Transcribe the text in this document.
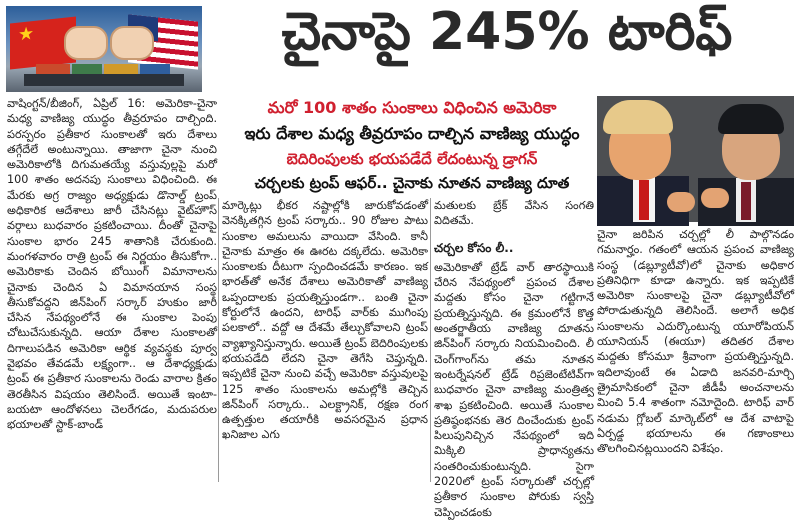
★	చైనాపై 245% టారిఫ్
మరో 100 శాతం సుంకాలు విధించిన అమెరికా
ఇరు దేశాల మధ్య తీవ్రరూపం దాల్చిన వాణిజ్య యుద్ధం
బెదిరింపులకు భయపడేదే లేదంటున్న డ్రాగన్
చర్చలకు ట్రంప్ ఆఫర్.. చైనాకు నూతన వాణిజ్య దూత
వాషింగ్టన్/బీజింగ్, ఏప్రిల్ 16: అమెరికా-చైనా మధ్య వాణిజ్య యుద్ధం తీవ్రరూపం దాల్చింది. పరస్పరం ప్రతీకార సుంకాలతో ఇరు దేశాలు తగ్గేదేలే అంటున్నాయి. తాజాగా చైనా నుంచి అమెరికాలోకి దిగుమతయ్యే వస్తువుల్లపై మరో 100 శాతం అదనపు సుంకాలు విధించింది. ఈ మేరకు అగ్ర రాజ్యం అధ్యక్షుడు డొనాల్డ్ ట్రంప్ అధికారిక ఆదేశాలు జారీ చేసినట్లు వైట్‌హౌస్ వర్గాలు బుధవారం ప్రకటించాయి. దీంతో చైనాపై సుంకాల భారం 245 శాతానికి చేరుకుంది. మంగళవారం రాత్రి ట్రంప్ ఈ నిర్ణయం తీసుకోగా.. అమెరికాకు చెందిన బోయింగ్ విమానాలను చైనాకు చెందిన ఏ విమానయాన సంస్థ తీసుకోవద్దని జిన్‌పింగ్ సర్కార్ హుకుం జారీ చేసిన నేపథ్యంలోనే ఈ సుంకాల పెంపు చోటుచేసుకున్నది. ఆయా దేశాల సుంకాలతో దిగాలుపడిన అమెరికా ఆర్థిక వ్యవస్థకు పూర్వ వైభవం తేవడమే లక్ష్యంగా.. ఆ దేశాధ్యక్షుడు ట్రంప్ ఈ ప్రతీకార సుంకాలను రెండు వారాల క్రితం తెరతీసిన విషయం తెలిసిందే. అయితే ఇంటా-బయటా ఆందోళనలు చెలరేగడం, మదుపరుల భయాలతో స్టాక్-బాండ్
మార్కెట్లు భీకర నష్టాల్లోకి జారుకోవడంతో వెనక్కితగ్గిన ట్రంప్ సర్కారు.. 90 రోజుల పాటు సుంకాల అమలును వాయిదా వేసింది. కానీ చైనాకు మాత్రం ఈ ఊరట దక్కలేదు. అమెరికా సుంకాలకు దీటుగా స్పందించడమే కారణం. ఇక భారత్‌తో అనేక దేశాలు అమెరికాతో వాణిజ్య ఒప్పందాలకు ప్రయత్నిస్తుండగా.. బంతి చైనా కోర్టులోనే ఉందని, టారిఫ్ వార్‌కు ముగింపు పలకాలో.. వద్దో ఆ దేశమే తేల్చుకోవాలని ట్రంప్ వ్యాఖ్యానిస్తున్నారు. అయితే ట్రంప్ బెదిరింపులకు భయపడేది లేదని చైనా తెగేసి చెప్తున్నది. ఇప్పటికే చైనా నుంచి వచ్చే అమెరికా వస్తువులపై 125 శాతం సుంకాలను అమల్లోకి తెచ్చిన జిన్‌పింగ్ సర్కారు.. ఎలక్ట్రానిక్, రక్షణ రంగ ఉత్పత్తుల తయారీకి అవసరమైన ప్రధాన ఖనిజాల ఎగు
మతులకు బ్రేక్ వేసిన సంగతి విదితమే.
చర్చల కోసం లీ..
అమెరికాతో ట్రేడ్ వార్ తారస్థాయికి చేరిన నేపథ్యంలో ప్రపంచ దేశాల మద్దతు కోసం చైనా గట్టిగానే ప్రయత్నిస్తున్నది. ఈ క్రమంలోనే కొత్త అంతర్జాతీయ వాణిజ్య దూతను జిన్‌పింగ్ సర్కారు నియమించింది. లీ చెంగ్‌గాంగ్‌ను తమ నూతన ఇంటర్నేషనల్ ట్రేడ్ రిప్రజెంటేటివ్‌గా బుధవారం చైనా వాణిజ్య మంత్రిత్వ శాఖ ప్రకటించింది. అయితే సుంకాల ప్రతిష్ఠంభనకు తెర దించేందుకు ట్రంప్ పిలుపునిచ్చిన నేపథ్యంలో ఇది మిక్కిలి ప్రాధాన్యతను సంతరించుకుంటున్నది. సైగా 2020లో ట్రంప్ సర్కారుతో చర్చల్లో ప్రతీకార సుంకాల పోరుకు స్వస్తి చెప్పించడంకు
చైనా జరిపిన చర్చల్లో లీ పాల్గొనడం గమనార్హం. గతంలో ఆయన ప్రపంచ వాణిజ్య సంస్థ (డబ్ల్యూటీవో)లో చైనాకు అధికార ప్రతినిధిగా కూడా ఉన్నారు. ఇక ఇప్పటికే అమెరికా సుంకాలపై చైనా డబ్ల్యూటీవోలో పోరాడుతున్నది తెలిసిందే. అలాగే అధిక సుంకాలను ఎదుర్కొంటున్న యూరోపియన్ యూనియన్ (ఈయూ) తదితర దేశాల మద్దతు కోసమూ శ్రీవాంగా ప్రయత్నిస్తున్నది. ఇదిలావుంటే ఈ ఏడాది జనవరి-మార్చి త్రైమాసికంలో చైనా జీడీపీ అంచనాలను మించి 5.4 శాతంగా నమోదైంది. టారిఫ్ వార్ నడుమ గ్లోబల్ మార్కెట్‌లో ఆ దేశ వాటాపై ఏర్పడ్డ భయాలను ఈ గణాంకాలు తొలగించినట్లయిందని విశేషం.
